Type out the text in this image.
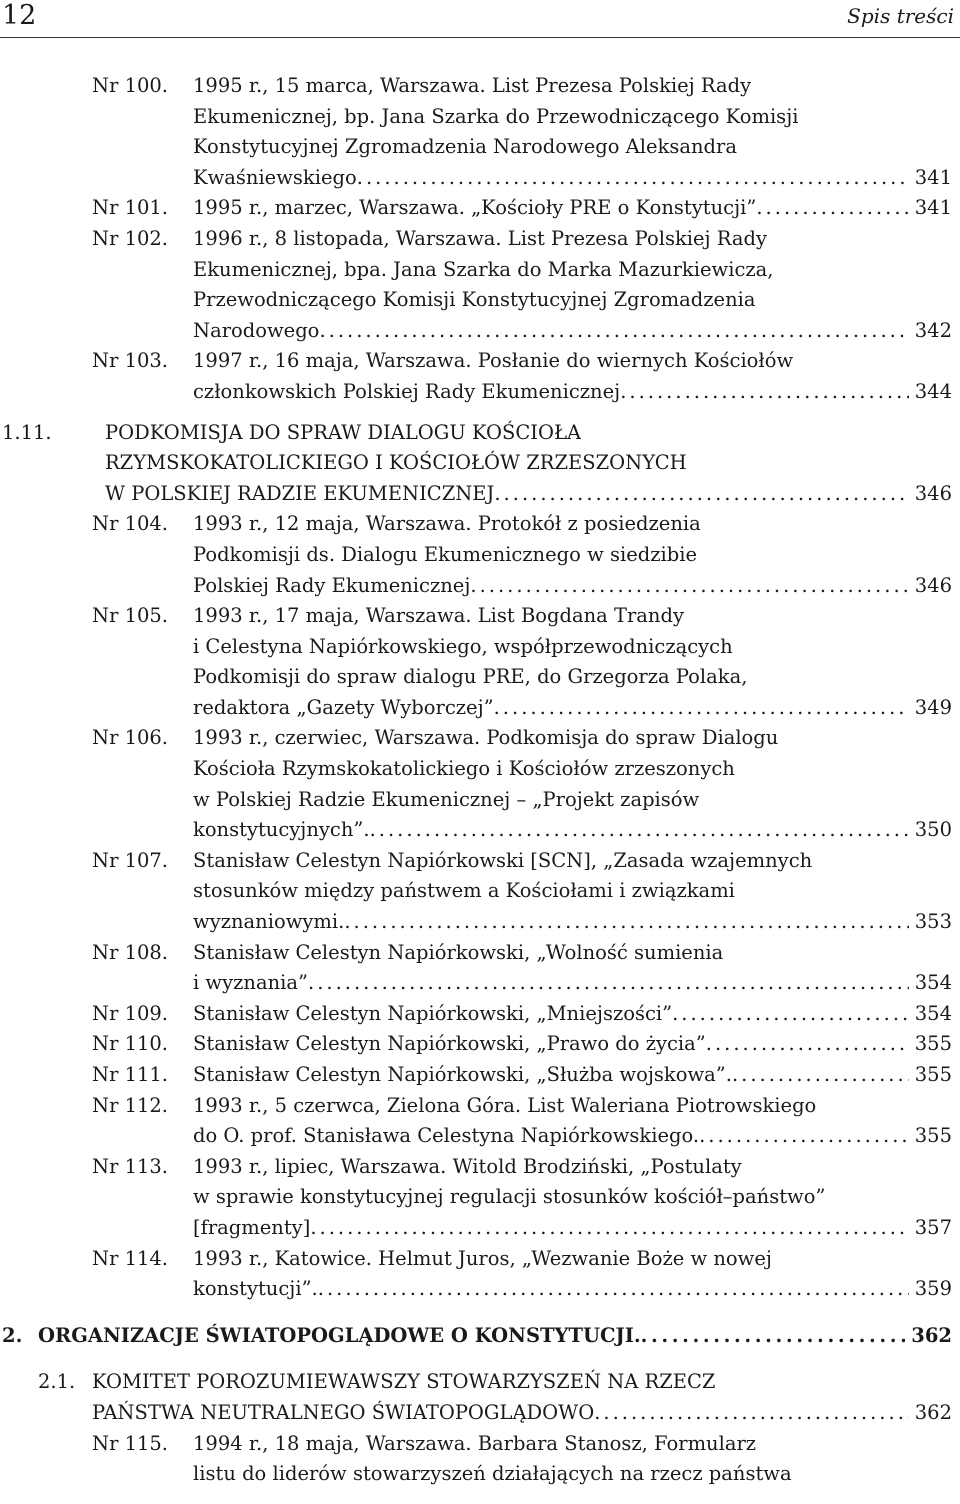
12	Spis treści
Nr 100. 1995 r., 15 marca, Warszawa. List Prezesa Polskiej Rady
Ekumenicznej, bp. Jana Szarka do Przewodniczącego Komisji
Konstytucyjnej Zgromadzenia Narodowego Aleksandra
Kwaśniewskiego . . .	341
Nr 101. 1995 r., marzec, Warszawa. „Kościoły PRE o Konstytucji” . . .	341
Nr 102. 1996 r., 8 listopada, Warszawa. List Prezesa Polskiej Rady
Ekumenicznej, bpa. Jana Szarka do Marka Mazurkiewicza,
Przewodniczącego Komisji Konstytucyjnej Zgromadzenia
Narodowego . . .	342
Nr 103. 1997 r., 16 maja, Warszawa. Posłanie do wiernych Kościołów
członkowskich Polskiej Rady Ekumenicznej . . .	344
1.11.	PODKOMISJA DO SPRAW DIALOGU KOŚCIOŁA
RZYMSKOKATOLICKIEGO I KOŚCIOŁÓW ZRZESZONYCH
W POLSKIEJ RADZIE EKUMENICZNEJ . . .	346
Nr 104. 1993 r., 12 maja, Warszawa. Protokół z posiedzenia
Podkomisji ds. Dialogu Ekumenicznego w siedzibie
Polskiej Rady Ekumenicznej . . .	346
Nr 105. 1993 r., 17 maja, Warszawa. List Bogdana Trandy
i Celestyna Napiórkowskiego, współprzewodniczących
Podkomisji do spraw dialogu PRE, do Grzegorza Polaka,
redaktora „Gazety Wyborczej” . . .	349
Nr 106. 1993 r., czerwiec, Warszawa. Podkomisja do spraw Dialogu
Kościoła Rzymskokatolickiego i Kościołów zrzeszonych
w Polskiej Radzie Ekumenicznej – „Projekt zapisów
konstytucyjnych”. . . .	350
Nr 107. Stanisław Celestyn Napiórkowski [SCN], „Zasada wzajemnych
stosunków między państwem a Kościołami i związkami
wyznaniowymi. . . .	353
Nr 108. Stanisław Celestyn Napiórkowski, „Wolność sumienia
i wyznania” . . .	354
Nr 109. Stanisław Celestyn Napiórkowski, „Mniejszości” . . .	354
Nr 110. Stanisław Celestyn Napiórkowski, „Prawo do życia” . . .	355
Nr 111. Stanisław Celestyn Napiórkowski, „Służba wojskowa”. . . .	355
Nr 112. 1993 r., 5 czerwca, Zielona Góra. List Waleriana Piotrowskiego
do O. prof. Stanisława Celestyna Napiórkowskiego. . . .	355
Nr 113. 1993 r., lipiec, Warszawa. Witold Brodziński, „Postulaty
w sprawie konstytucyjnej regulacji stosunków kościół–państwo”
[fragmenty] . . .	357
Nr 114. 1993 r., Katowice. Helmut Juros, „Wezwanie Boże w nowej
konstytucji”. . . .	359
2. ORGANIZACJE ŚWIATOPOGLĄDOWE O KONSTYTUCJI. . . .	362
2.1. KOMITET POROZUMIEWAWSZY STOWARZYSZEŃ NA RZECZ
PAŃSTWA NEUTRALNEGO ŚWIATOPOGLĄDOWO . . .	362
Nr 115. 1994 r., 18 maja, Warszawa. Barbara Stanosz, Formularz
listu do liderów stowarzyszeń działających na rzecz państwa
